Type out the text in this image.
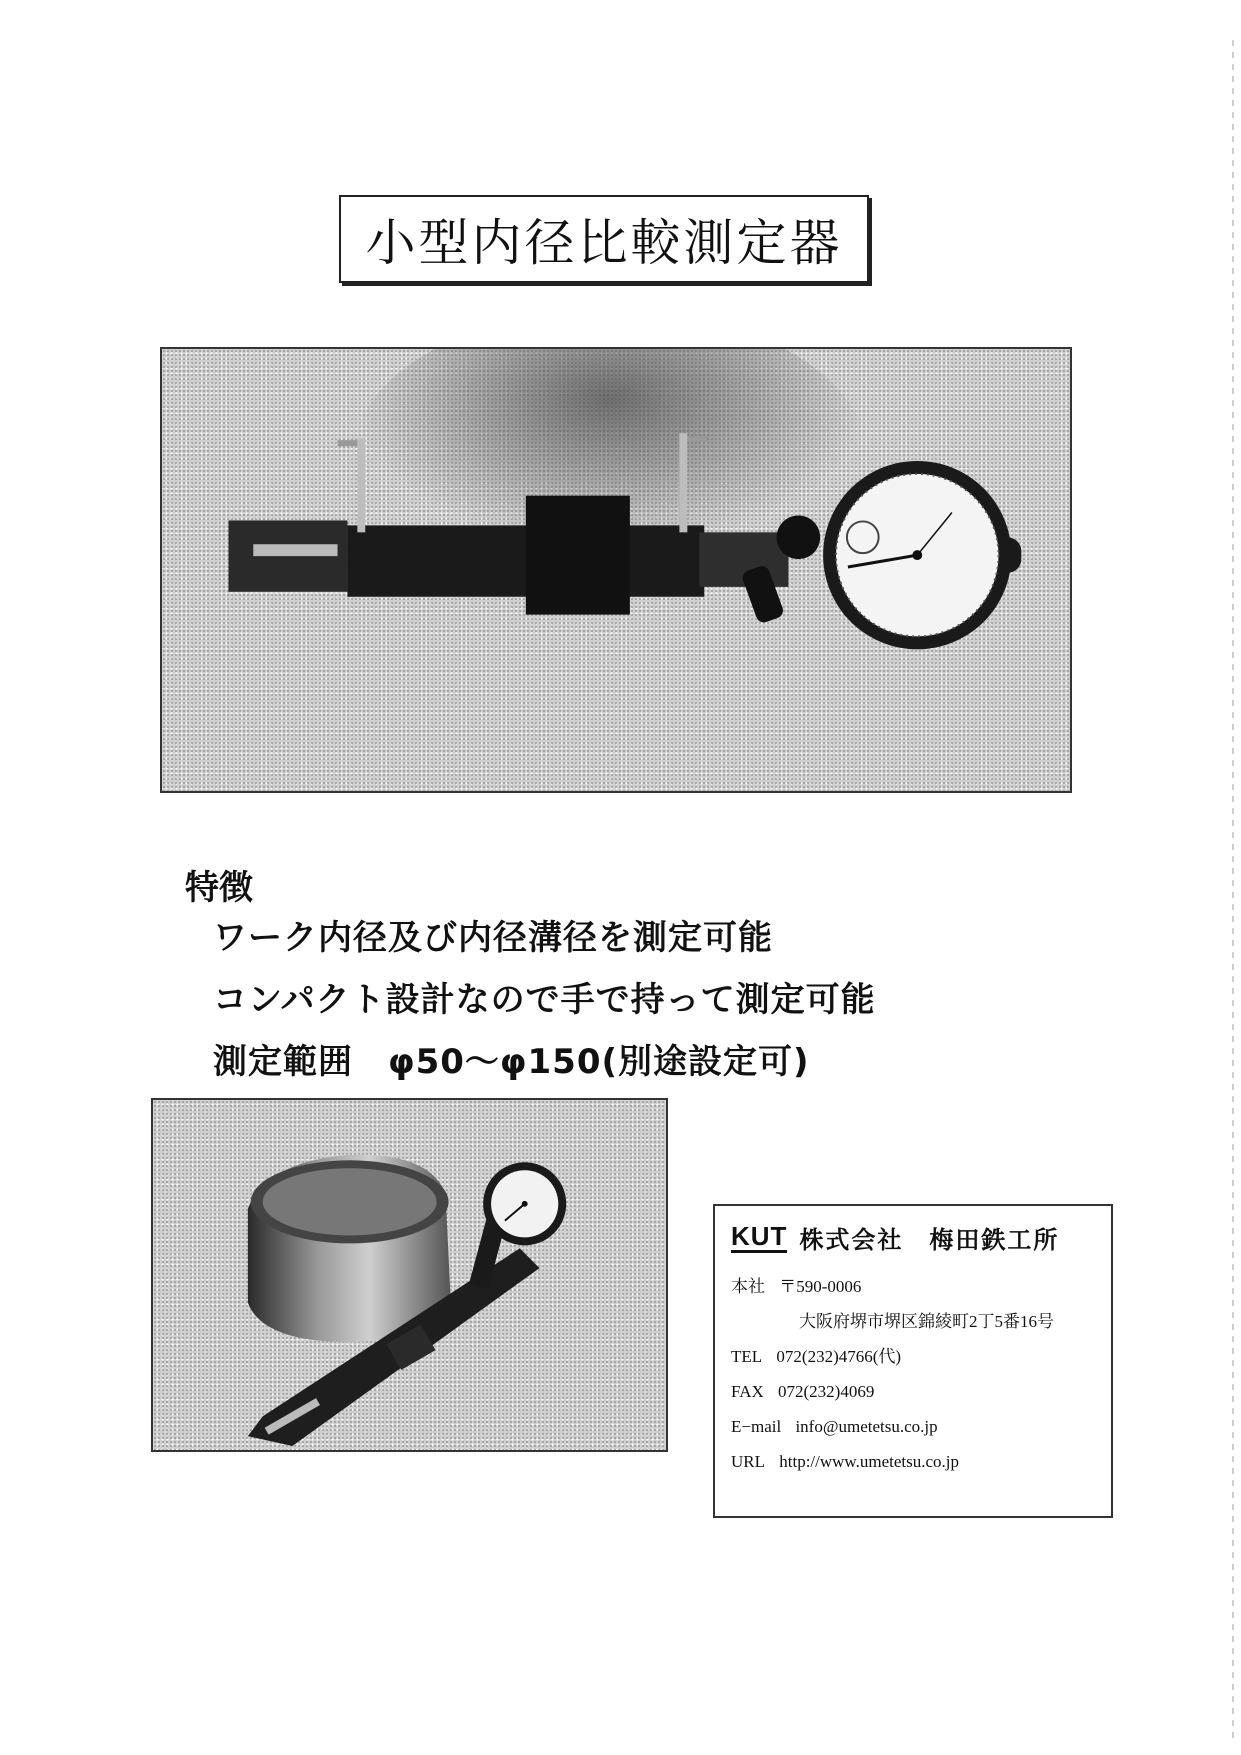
小型内径比較測定器
特徴
ワーク内径及び内径溝径を測定可能
コンパクト設計なので手で持って測定可能
測定範囲　φ50～φ150(別途設定可)
KUT 株式会社　梅田鉄工所
本社 〒590-0006
大阪府堺市堺区錦綾町2丁5番16号
TEL 072(232)4766(代)
FAX 072(232)4069
E−mail info@umetetsu.co.jp
URL http://www.umetetsu.co.jp
